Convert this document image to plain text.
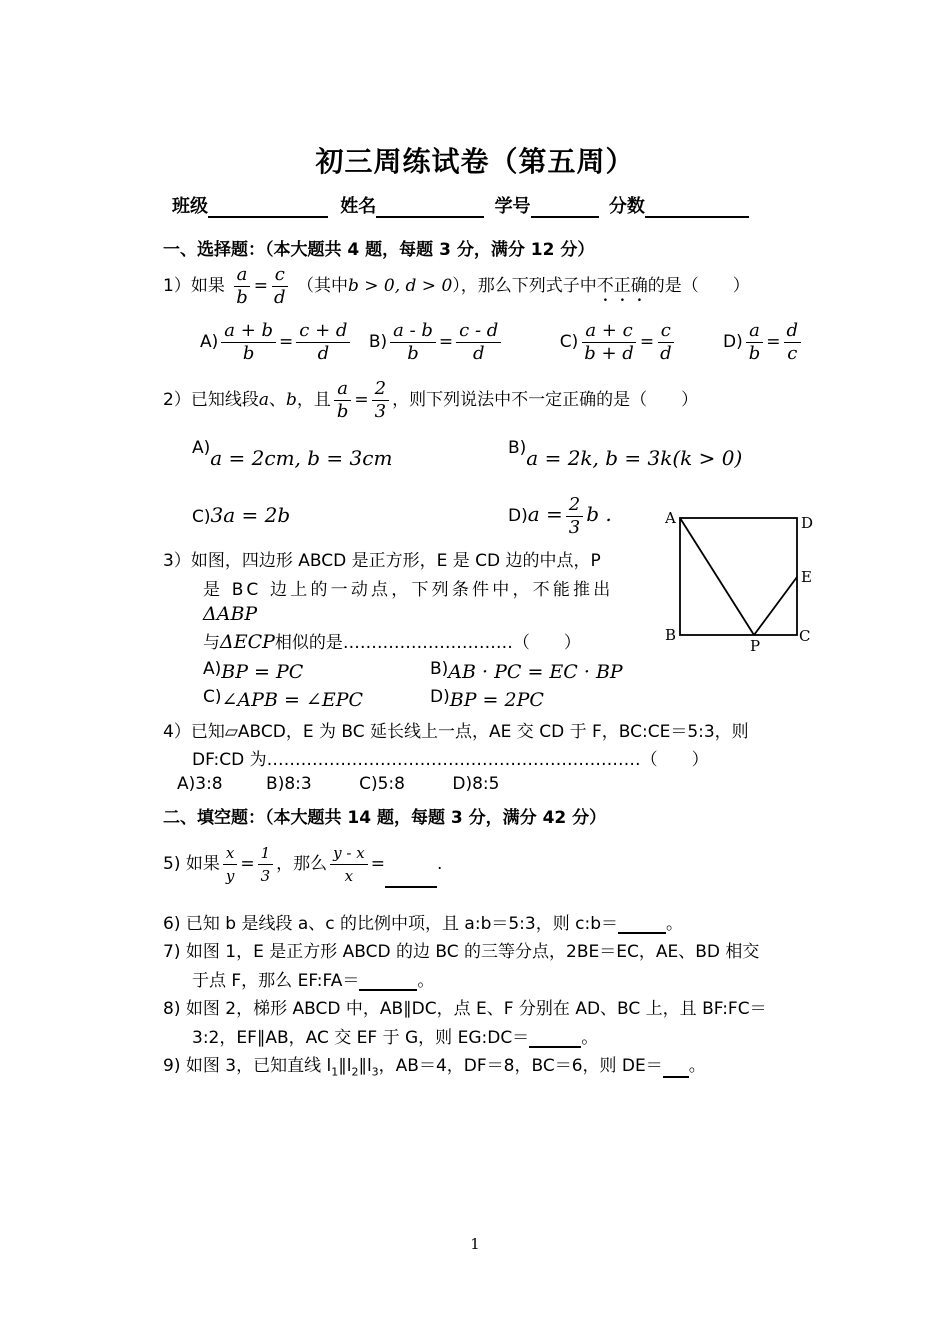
初三周练试卷（第五周）
班级	姓名	学号	分数
一、选择题：（本大题共 4 题，每题 3 分，满分 12 分）
1）如果 $\frac{a}{b} = \frac{c}{d}$ （其中b > 0, d > 0），那么下列式子中不正确的是（　　）
$A) \frac{a + b}{b} = \frac{c + d}{d} B) \frac{a - b}{b} = \frac{c - d}{d}$	$C) \frac{a + c}{b + d} = \frac{c}{d}$	$D) \frac{a}{b} = \frac{d}{c}$
2）已知线段a、b，且 $\frac{a}{b} = \frac{2}{3}$ ，则下列说法中不一定正确的是（　　）
A)a = 2cm, b = 3cm	B)a = 2k, b = 3k(k > 0)
C)3a = 2b	$D)a = \frac{2}{3}$ b .
3）如图，四边形 ABCD 是正方形，E 是 CD 边的中点，P
是 BC 边上的一动点，下列条件中，不能推出
ΔABP
与ΔECP相似的是…………………………（　　）
A)BP = PC	B)AB · PC = EC · BP
C)∠APB = ∠EPC	D)BP = 2PC
A	D
E
B	C
P
4）已知▱ABCD，E 为 BC 延长线上一点，AE 交 CD 于 F，BC:CE＝5:3，则
DF:CD 为…………………………………………………………（　　）
A)3:8	B)8:3	C)5:8	D)8:5
二、填空题：（本大题共 14 题，每题 3 分，满分 42 分）
5) 如果 $\frac{x}{y} = \frac{1}{3}$ ，那么 $\frac{y - x}{x}$ =	.
6) 已知 b 是线段 a、c 的比例中项，且 a:b＝5:3，则 c:b＝	。
7) 如图 1，E 是正方形 ABCD 的边 BC 的三等分点，2BE＝EC，AE、BD 相交
于点 F，那么 EF:FA＝	。
8) 如图 2，梯形 ABCD 中，AB∥DC，点 E、F 分别在 AD、BC 上，且 BF:FC＝
3:2，EF∥AB，AC 交 EF 于 G，则 EG:DC＝	。
9) 如图 3，已知直线 $l_1\parallel l_2\parallel l_3$，AB＝4，DF＝8，BC＝6，则 DE＝ 。
1
